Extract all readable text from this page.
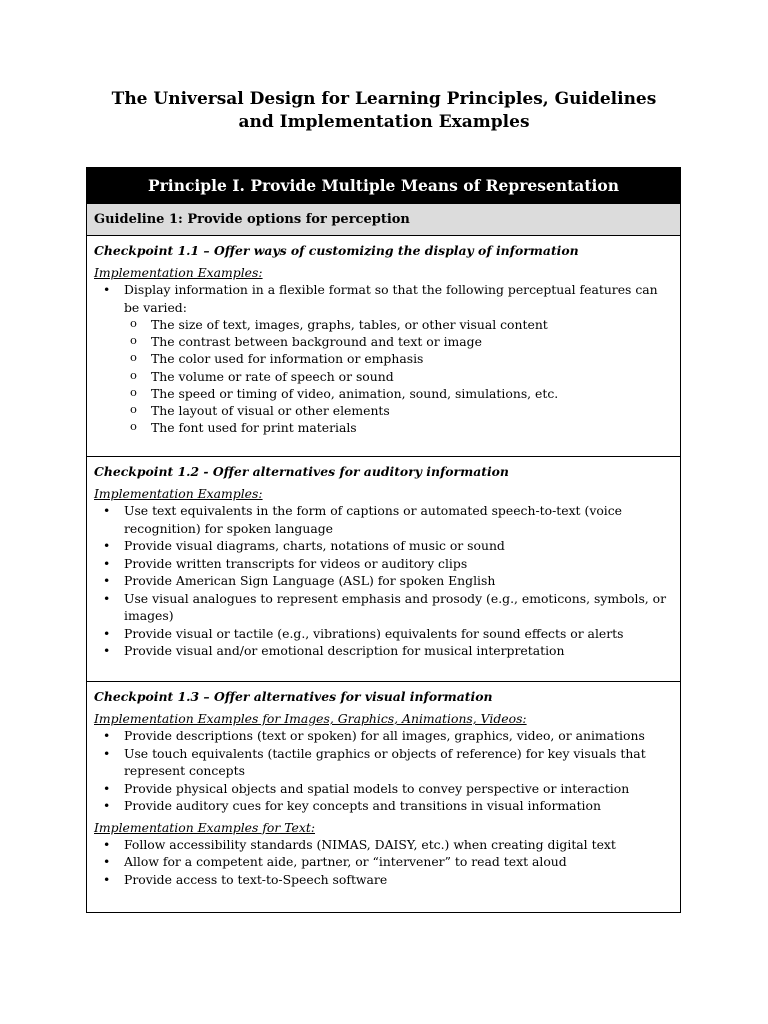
The Universal Design for Learning Principles, Guidelines
and Implementation Examples
Principle I. Provide Multiple Means of Representation
Guideline 1: Provide options for perception
Checkpoint 1.1 – Offer ways of customizing the display of information
Implementation Examples:
• Display information in a flexible format so that the following perceptual features can be varied:
o The size of text, images, graphs, tables, or other visual content
o The contrast between background and text or image
o The color used for information or emphasis
o The volume or rate of speech or sound
o The speed or timing of video, animation, sound, simulations, etc.
o The layout of visual or other elements
o The font used for print materials
Checkpoint 1.2 - Offer alternatives for auditory information
Implementation Examples:
• Use text equivalents in the form of captions or automated speech-to-text (voice recognition) for spoken language
• Provide visual diagrams, charts, notations of music or sound
• Provide written transcripts for videos or auditory clips
• Provide American Sign Language (ASL) for spoken English
• Use visual analogues to represent emphasis and prosody (e.g., emoticons, symbols, or images)
• Provide visual or tactile (e.g., vibrations) equivalents for sound effects or alerts
• Provide visual and/or emotional description for musical interpretation
Checkpoint 1.3 – Offer alternatives for visual information
Implementation Examples for Images, Graphics, Animations, Videos:
• Provide descriptions (text or spoken) for all images, graphics, video, or animations
• Use touch equivalents (tactile graphics or objects of reference) for key visuals that represent concepts
• Provide physical objects and spatial models to convey perspective or interaction
• Provide auditory cues for key concepts and transitions in visual information
Implementation Examples for Text:
• Follow accessibility standards (NIMAS, DAISY, etc.) when creating digital text
• Allow for a competent aide, partner, or “intervener” to read text aloud
• Provide access to text-to-Speech software
